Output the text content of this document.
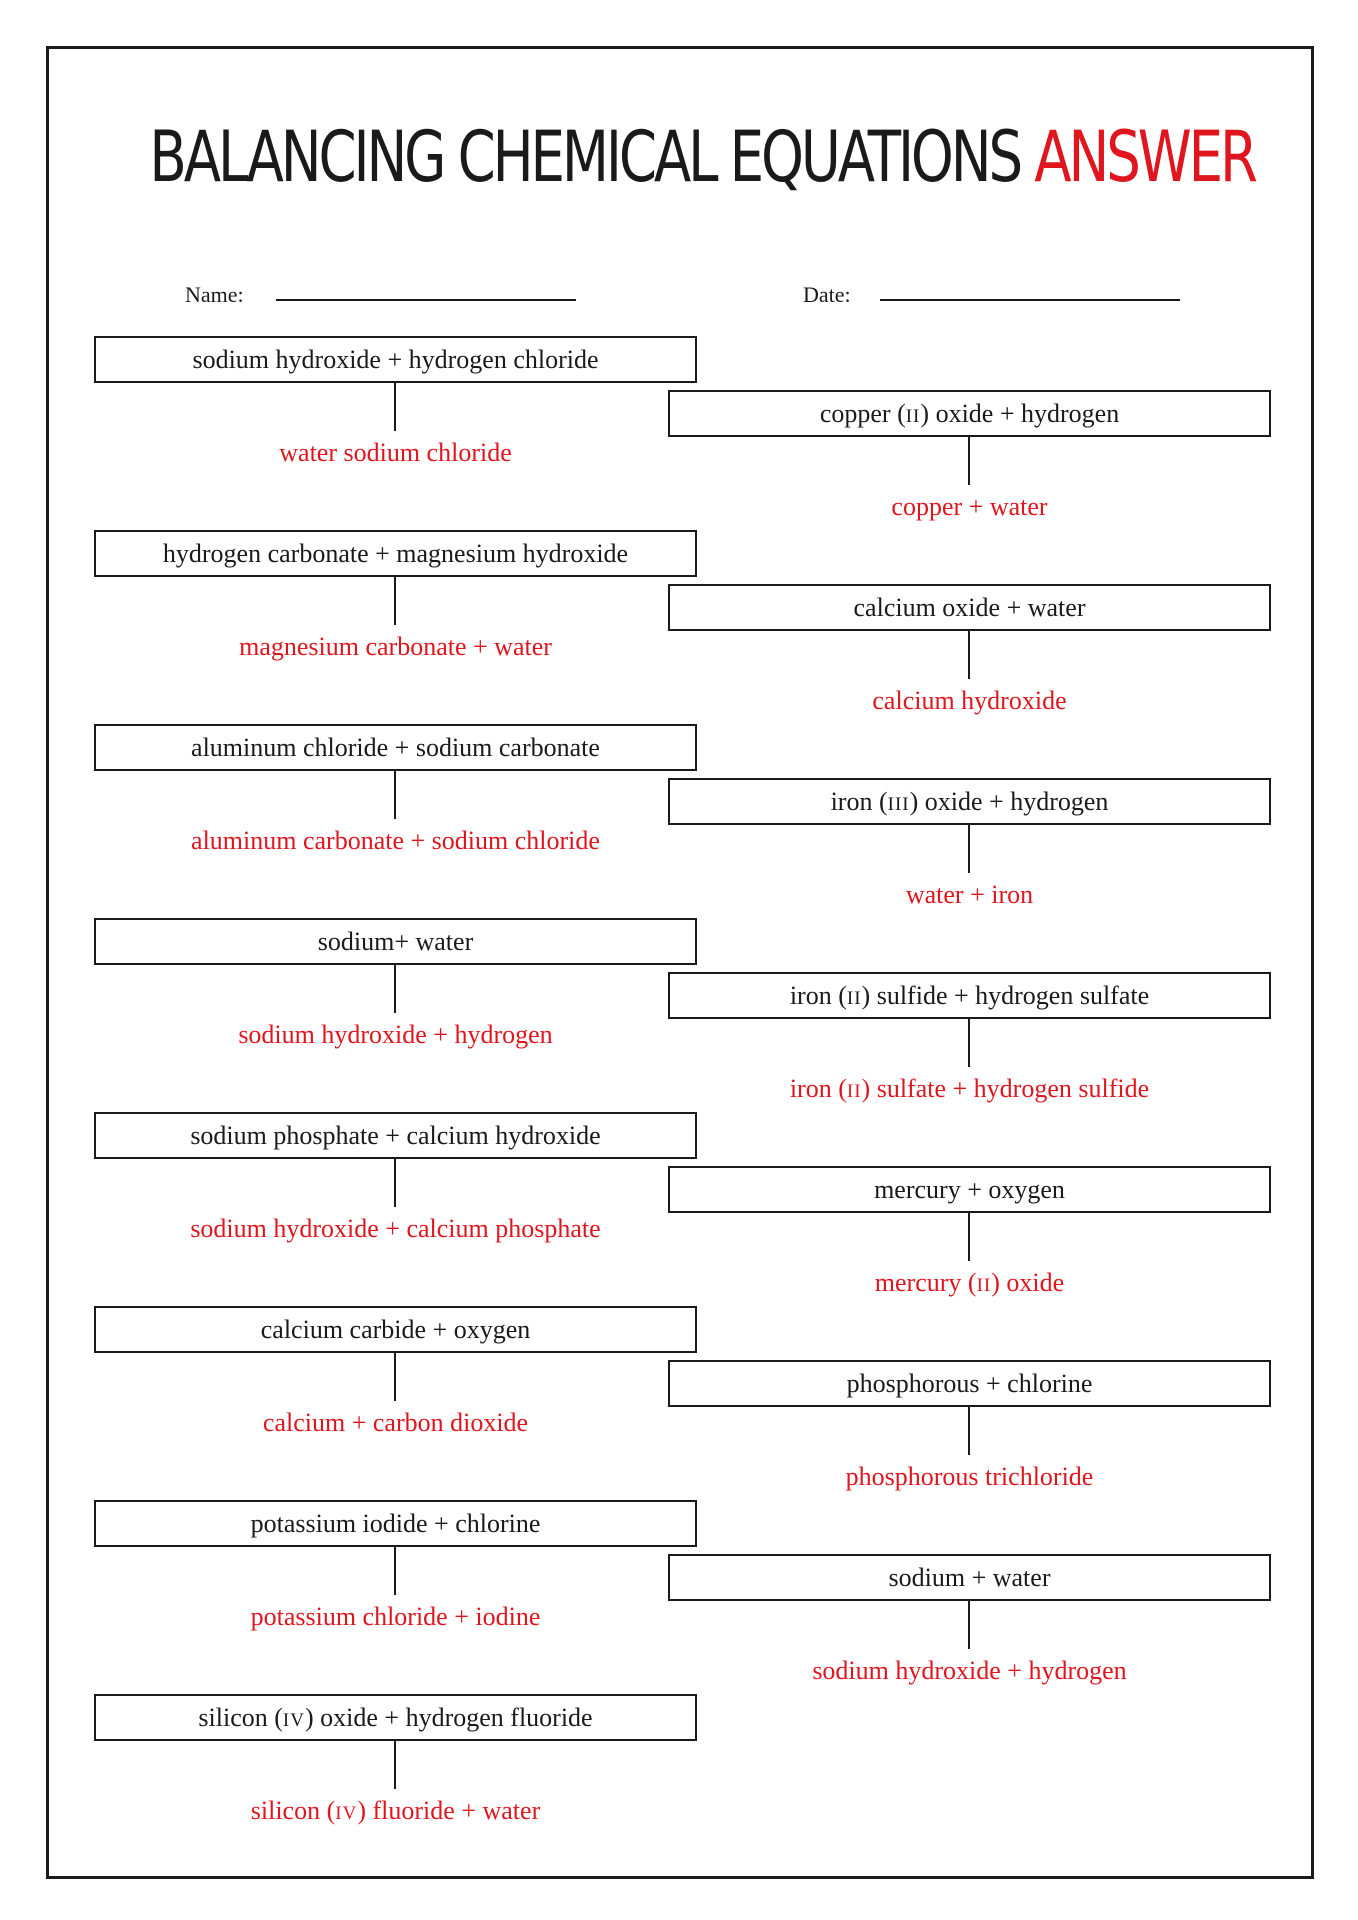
BALANCING CHEMICAL EQUATIONS ANSWER
Name:	Date:
sodium hydroxide + hydrogen chloride
water sodium chloride
hydrogen carbonate + magnesium hydroxide
magnesium carbonate + water
aluminum chloride + sodium carbonate
aluminum carbonate + sodium chloride
sodium+ water
sodium hydroxide + hydrogen
sodium phosphate + calcium hydroxide
sodium hydroxide + calcium phosphate
calcium carbide + oxygen
calcium + carbon dioxide
potassium iodide + chlorine
potassium chloride + iodine
silicon (IV) oxide + hydrogen fluoride
silicon (IV) fluoride + water
copper (II) oxide + hydrogen
copper + water
calcium oxide + water
calcium hydroxide
iron (III) oxide + hydrogen
water + iron
iron (II) sulfide + hydrogen sulfate
iron (II) sulfate + hydrogen sulfide
mercury + oxygen
mercury (II) oxide
phosphorous + chlorine
phosphorous trichloride
sodium + water
sodium hydroxide + hydrogen
